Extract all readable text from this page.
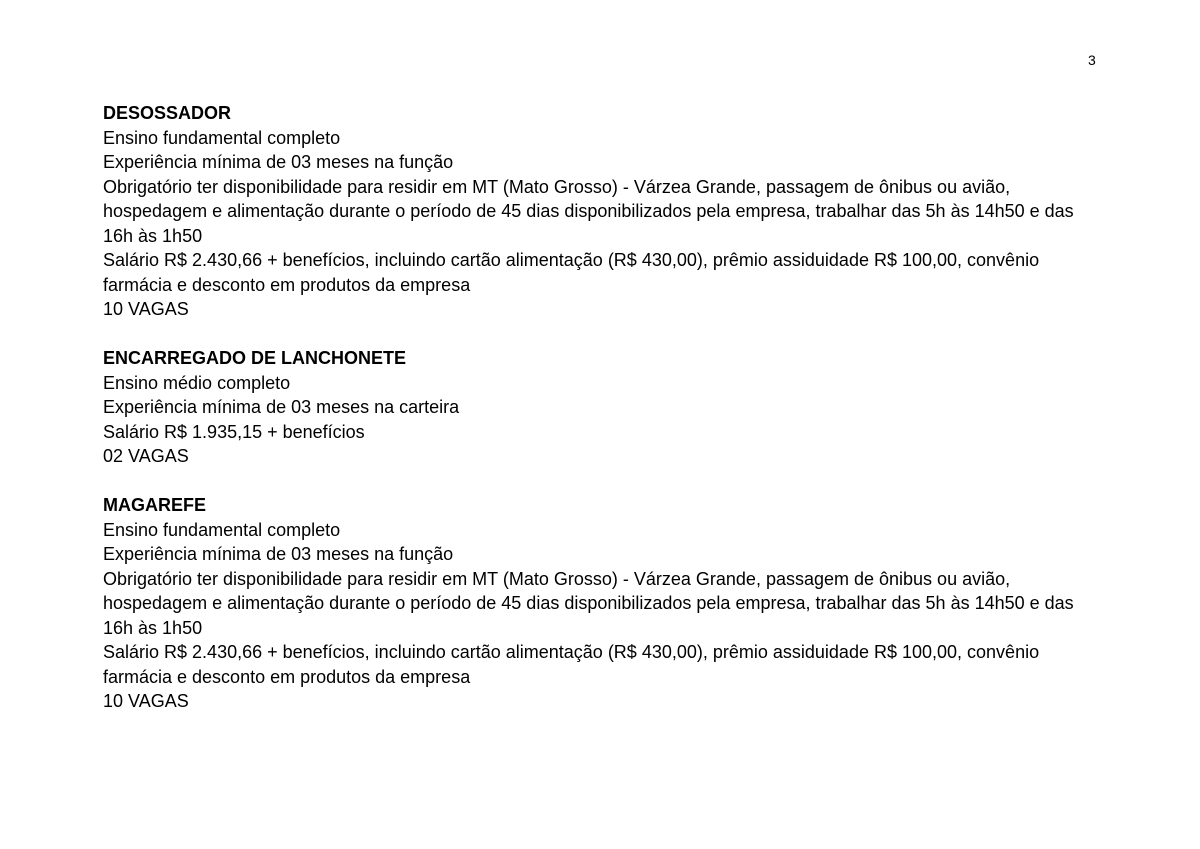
3
DESOSSADOR
Ensino fundamental completo
Experiência mínima de 03 meses na função
Obrigatório ter disponibilidade para residir em MT (Mato Grosso) - Várzea Grande, passagem de ônibus ou avião, hospedagem e alimentação durante o período de 45 dias disponibilizados pela empresa, trabalhar das 5h às 14h50 e das 16h às 1h50
Salário R$ 2.430,66 + benefícios, incluindo cartão alimentação (R$ 430,00), prêmio assiduidade R$ 100,00, convênio farmácia e desconto em produtos da empresa
10 VAGAS
ENCARREGADO DE LANCHONETE
Ensino médio completo
Experiência mínima de 03 meses na carteira
Salário R$ 1.935,15 + benefícios
02 VAGAS
MAGAREFE
Ensino fundamental completo
Experiência mínima de 03 meses na função
Obrigatório ter disponibilidade para residir em MT (Mato Grosso) - Várzea Grande, passagem de ônibus ou avião, hospedagem e alimentação durante o período de 45 dias disponibilizados pela empresa, trabalhar das 5h às 14h50 e das 16h às 1h50
Salário R$ 2.430,66 + benefícios, incluindo cartão alimentação (R$ 430,00), prêmio assiduidade R$ 100,00, convênio farmácia e desconto em produtos da empresa
10 VAGAS
